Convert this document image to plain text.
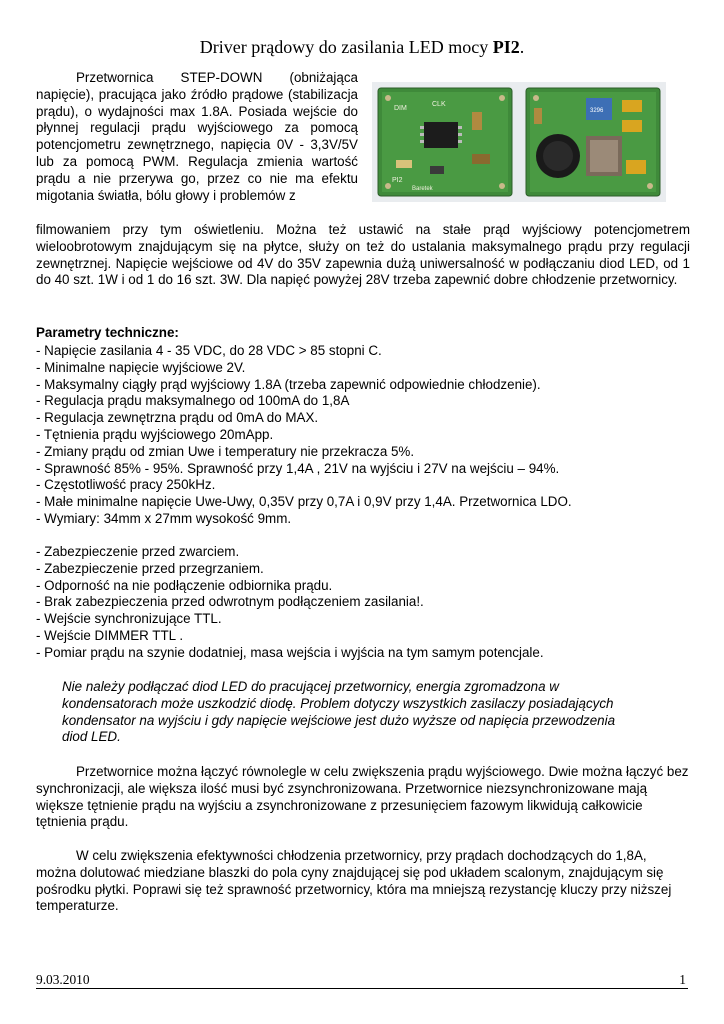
Driver prądowy do zasilania LED mocy PI2.
DIM
CLK
PI2
Baretek
3296

Przetwornica STEP-DOWN (obniżająca napięcie), pracująca jako źródło prądowe (stabilizacja prądu), o wydajności max 1.8A. Posiada wejście do płynnej regulacji prądu wyjściowego za pomocą potencjometru zewnętrznego, napięcia 0V - 3,3V/5V lub za pomocą PWM. Regulacja zmienia wartość prądu a nie przerywa go, przez co nie ma efektu migotania światła, bólu głowy i problemów z

filmowaniem przy tym oświetleniu. Można też ustawić na stałe prąd wyjściowy potencjometrem wieloobrotowym znajdującym się na płytce, służy on też do ustalania maksymalnego prądu przy regulacji zewnętrznej. Napięcie wejściowe od 4V do 35V zapewnia dużą uniwersalność w podłączaniu diod LED, od 1 do 40 szt. 1W i od 1 do 16 szt. 3W. Dla napięć powyżej 28V trzeba zapewnić dobre chłodzenie przetwornicy.

Parametry techniczne:

- Napięcie zasilania 4 - 35 VDC, do 28 VDC > 85 stopni C.
- Minimalne napięcie wyjściowe 2V.
- Maksymalny ciągły prąd wyjściowy 1.8A (trzeba zapewnić odpowiednie chłodzenie).
- Regulacja prądu maksymalnego od 100mA do 1,8A
- Regulacja zewnętrzna prądu od 0mA do MAX.
- Tętnienia prądu wyjściowego 20mApp.
- Zmiany prądu od zmian Uwe i temperatury nie przekracza 5%.
- Sprawność 85% - 95%. Sprawność przy 1,4A , 21V na wyjściu i 27V na wejściu – 94%.
- Częstotliwość pracy 250kHz.
- Małe minimalne napięcie Uwe-Uwy, 0,35V przy 0,7A i 0,9V przy 1,4A. Przetwornica LDO.
- Wymiary: 34mm x 27mm wysokość 9mm.
- Zabezpieczenie przed zwarciem.
- Zabezpieczenie przed przegrzaniem.
- Odporność na nie podłączenie odbiornika prądu.
- Brak zabezpieczenia przed odwrotnym podłączeniem zasilania!.
- Wejście synchronizujące TTL.
- Wejście DIMMER TTL .
- Pomiar prądu na szynie dodatniej, masa wejścia i wyjścia na tym samym potencjale.

Nie należy podłączać diod LED do pracującej przetwornicy, energia zgromadzona w kondensatorach może uszkodzić diodę. Problem dotyczy wszystkich zasilaczy posiadających kondensator na wyjściu i gdy napięcie wejściowe jest dużo wyższe od napięcia przewodzenia diod LED.

Przetwornice można łączyć równolegle w celu zwiększenia prądu wyjściowego. Dwie można łączyć bez synchronizacji, ale większa ilość musi być zsynchronizowana. Przetwornice niezsynchronizowane mają większe tętnienie prądu na wyjściu a zsynchronizowane z przesunięciem fazowym likwidują całkowicie tętnienia prądu.

W celu zwiększenia efektywności chłodzenia przetwornicy, przy prądach dochodzących do 1,8A, można dolutować miedziane blaszki do pola cyny znajdującej się pod układem scalonym, znajdującym się pośrodku płytki. Poprawi się też sprawność przetwornicy, która ma mniejszą rezystancję kluczy przy niższej temperaturze.

9.03.2010	1
